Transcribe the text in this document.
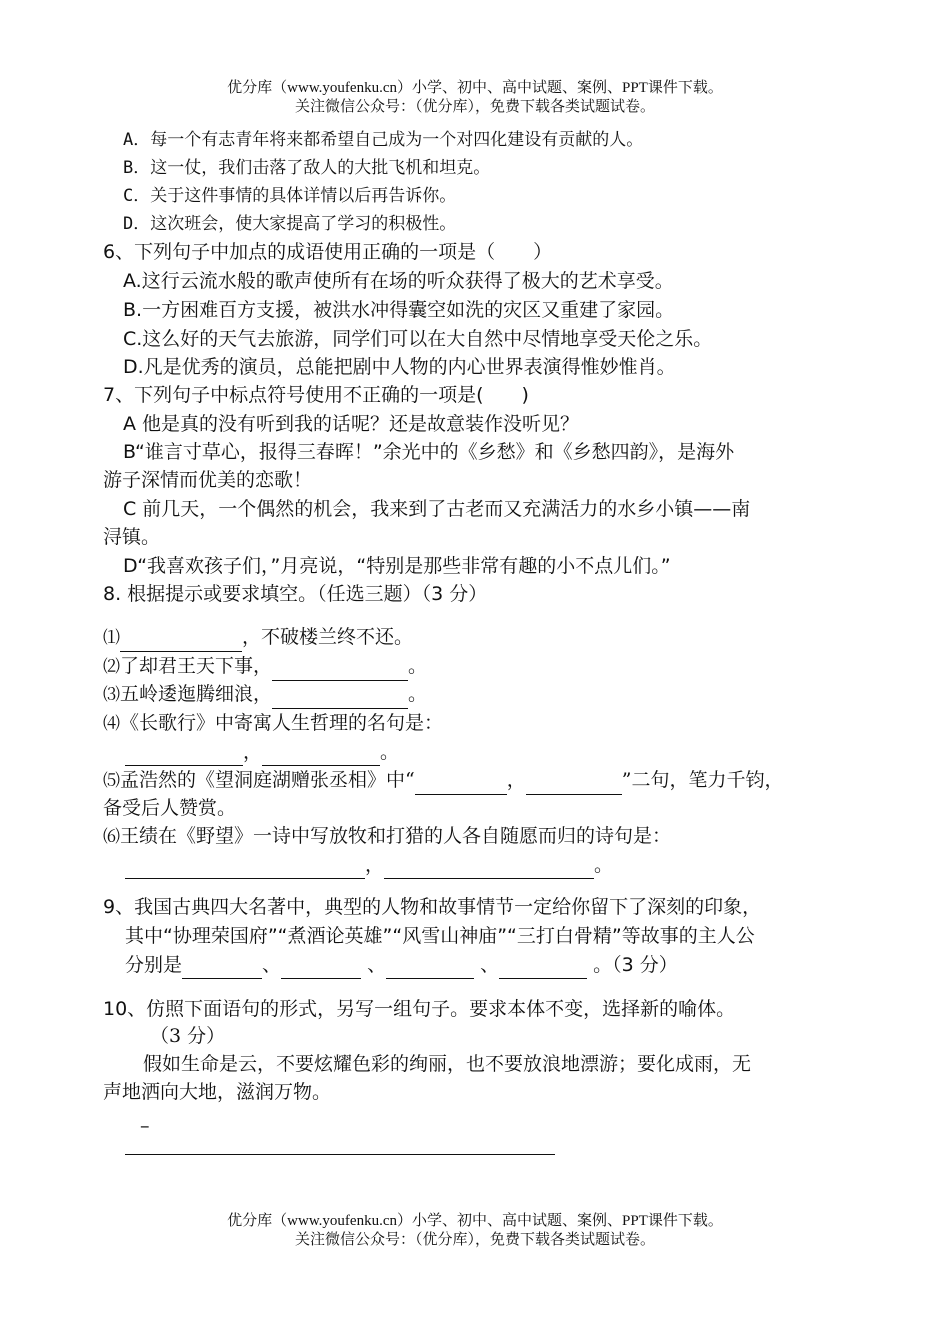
优分库（www.youfenku.cn）小学、初中、高中试题、案例、PPT课件下载。
关注微信公众号：（优分库），免费下载各类试题试卷。
A．每一个有志青年将来都希望自己成为一个对四化建设有贡献的人。
B．这一仗，我们击落了敌人的大批飞机和坦克。
C．关于这件事情的具体详情以后再告诉你。
D．这次班会，使大家提高了学习的积极性。
6、下列句子中加点的成语使用正确的一项是（　　）
A.这行云流水般的歌声使所有在场的听众获得了极大的艺术享受。
B.一方困难百方支援，被洪水冲得囊空如洗的灾区又重建了家园。
C.这么好的天气去旅游，同学们可以在大自然中尽情地享受天伦之乐。
D.凡是优秀的演员，总能把剧中人物的内心世界表演得惟妙惟肖。
7、下列句子中标点符号使用不正确的一项是(　　)
A 他是真的没有听到我的话呢？还是故意装作没听见？
B“谁言寸草心，报得三春晖！”余光中的《乡愁》和《乡愁四韵》，是海外
游子深情而优美的恋歌！
C 前几天，一个偶然的机会，我来到了古老而又充满活力的水乡小镇——南
浔镇。
D“我喜欢孩子们，”月亮说，“特别是那些非常有趣的小不点儿们。”
8. 根据提示或要求填空。（任选三题）（3 分）
⑴	，不破楼兰终不还。
⑵了却君王天下事，	。
⑶五岭逶迤腾细浪，	。
⑷《长歌行》中寄寓人生哲理的名句是：
，	。
⑸孟浩然的《望洞庭湖赠张丞相》中“	，	”二句，笔力千钧，
备受后人赞赏。
⑹王绩在《野望》一诗中写放牧和打猎的人各自随愿而归的诗句是：
，	。
9、我国古典四大名著中，典型的人物和故事情节一定给你留下了深刻的印象，
其中“协理荣国府”“煮酒论英雄”“风雪山神庙”“三打白骨精”等故事的主人公
分别是	、	、	、	。（3 分）
10、仿照下面语句的形式，另写一组句子。要求本体不变，选择新的喻体。
（3 分）
假如生命是云，不要炫耀色彩的绚丽，也不要放浪地漂游；要化成雨，无
声地洒向大地，滋润万物。
–
优分库（www.youfenku.cn）小学、初中、高中试题、案例、PPT课件下载。
关注微信公众号：（优分库），免费下载各类试题试卷。
